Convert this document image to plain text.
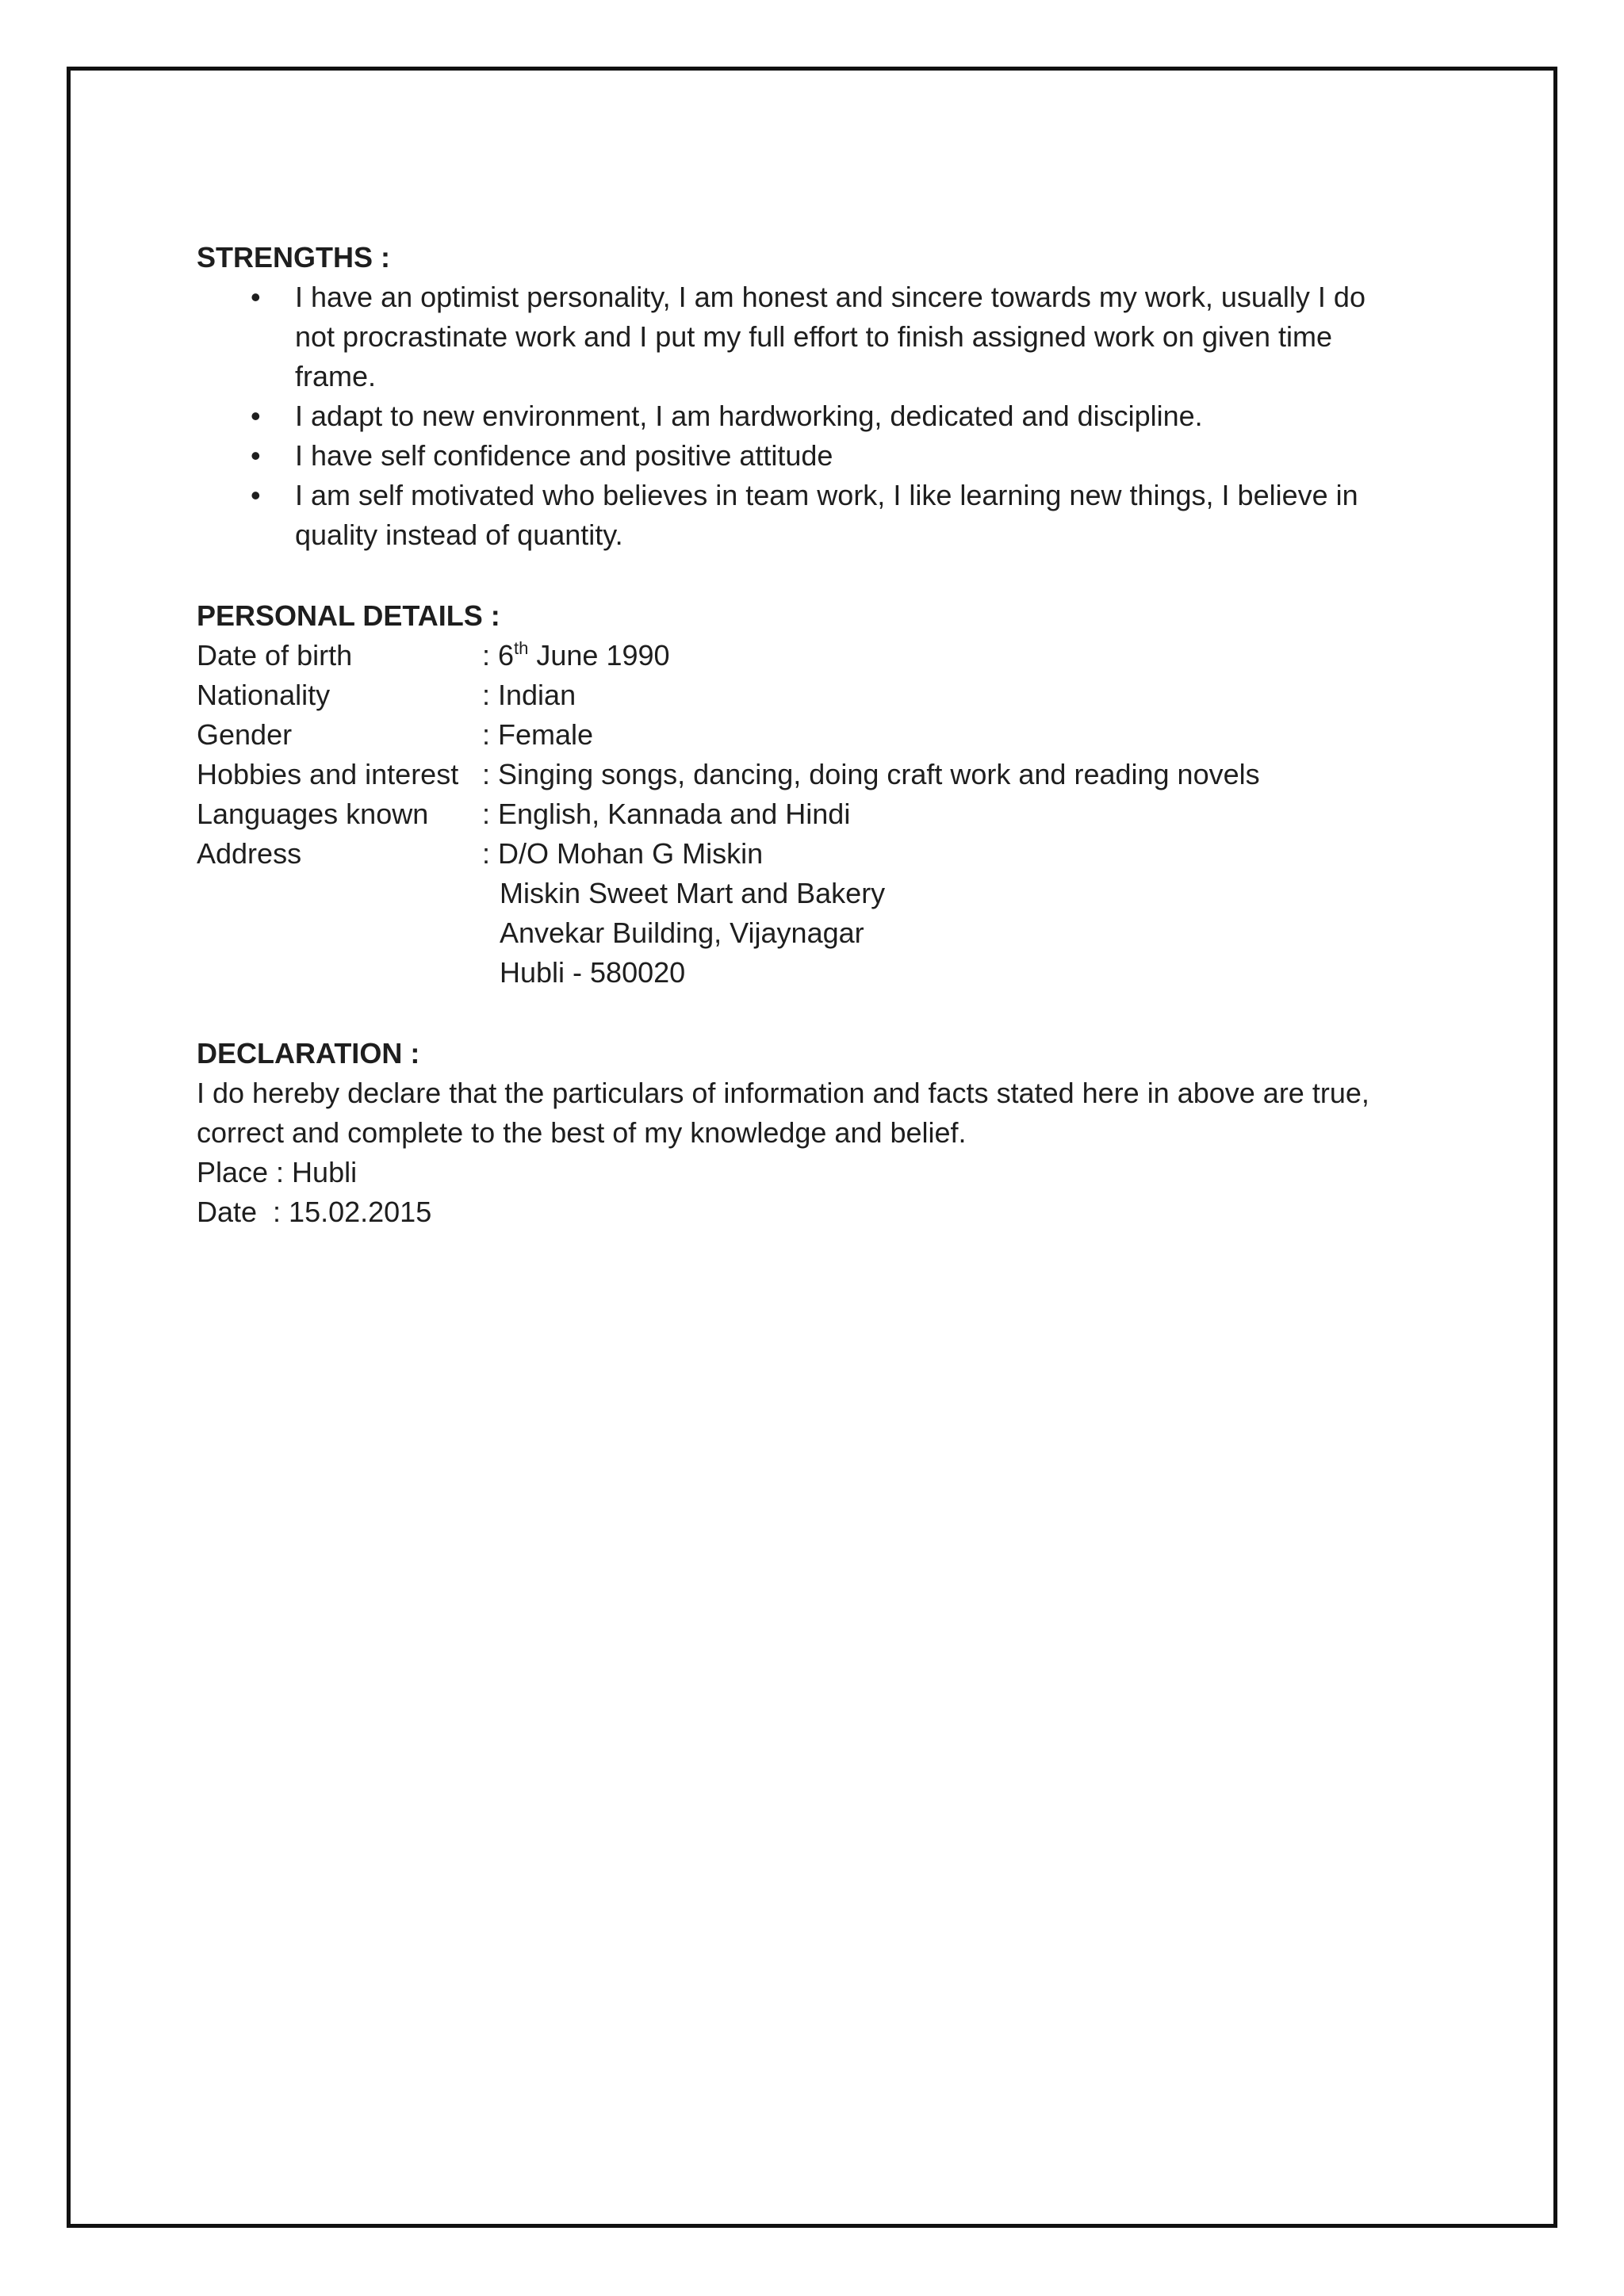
STRENGTHS :
• I have an optimist personality, I am honest and sincere towards my work, usually I do not procrastinate work and I put my full effort to finish assigned work on given time frame.
• I adapt to new environment, I am hardworking, dedicated and discipline.
• I have self confidence and positive attitude
• I am self motivated who believes in team work, I like learning new things, I believe in quality instead of quantity.
PERSONAL DETAILS :
Date of birth	: 6th June 1990
Nationality	: Indian
Gender	: Female
Hobbies and interest : Singing songs, dancing, doing craft work and reading novels
Languages known : English, Kannada and Hindi
Address	: D/O Mohan G Miskin
Miskin Sweet Mart and Bakery
Anvekar Building, Vijaynagar
Hubli - 580020
DECLARATION :

I do hereby declare that the particulars of information and facts stated here in above are true, correct and complete to the best of my knowledge and belief.

Place : Hubli
Date  : 15.02.2015
